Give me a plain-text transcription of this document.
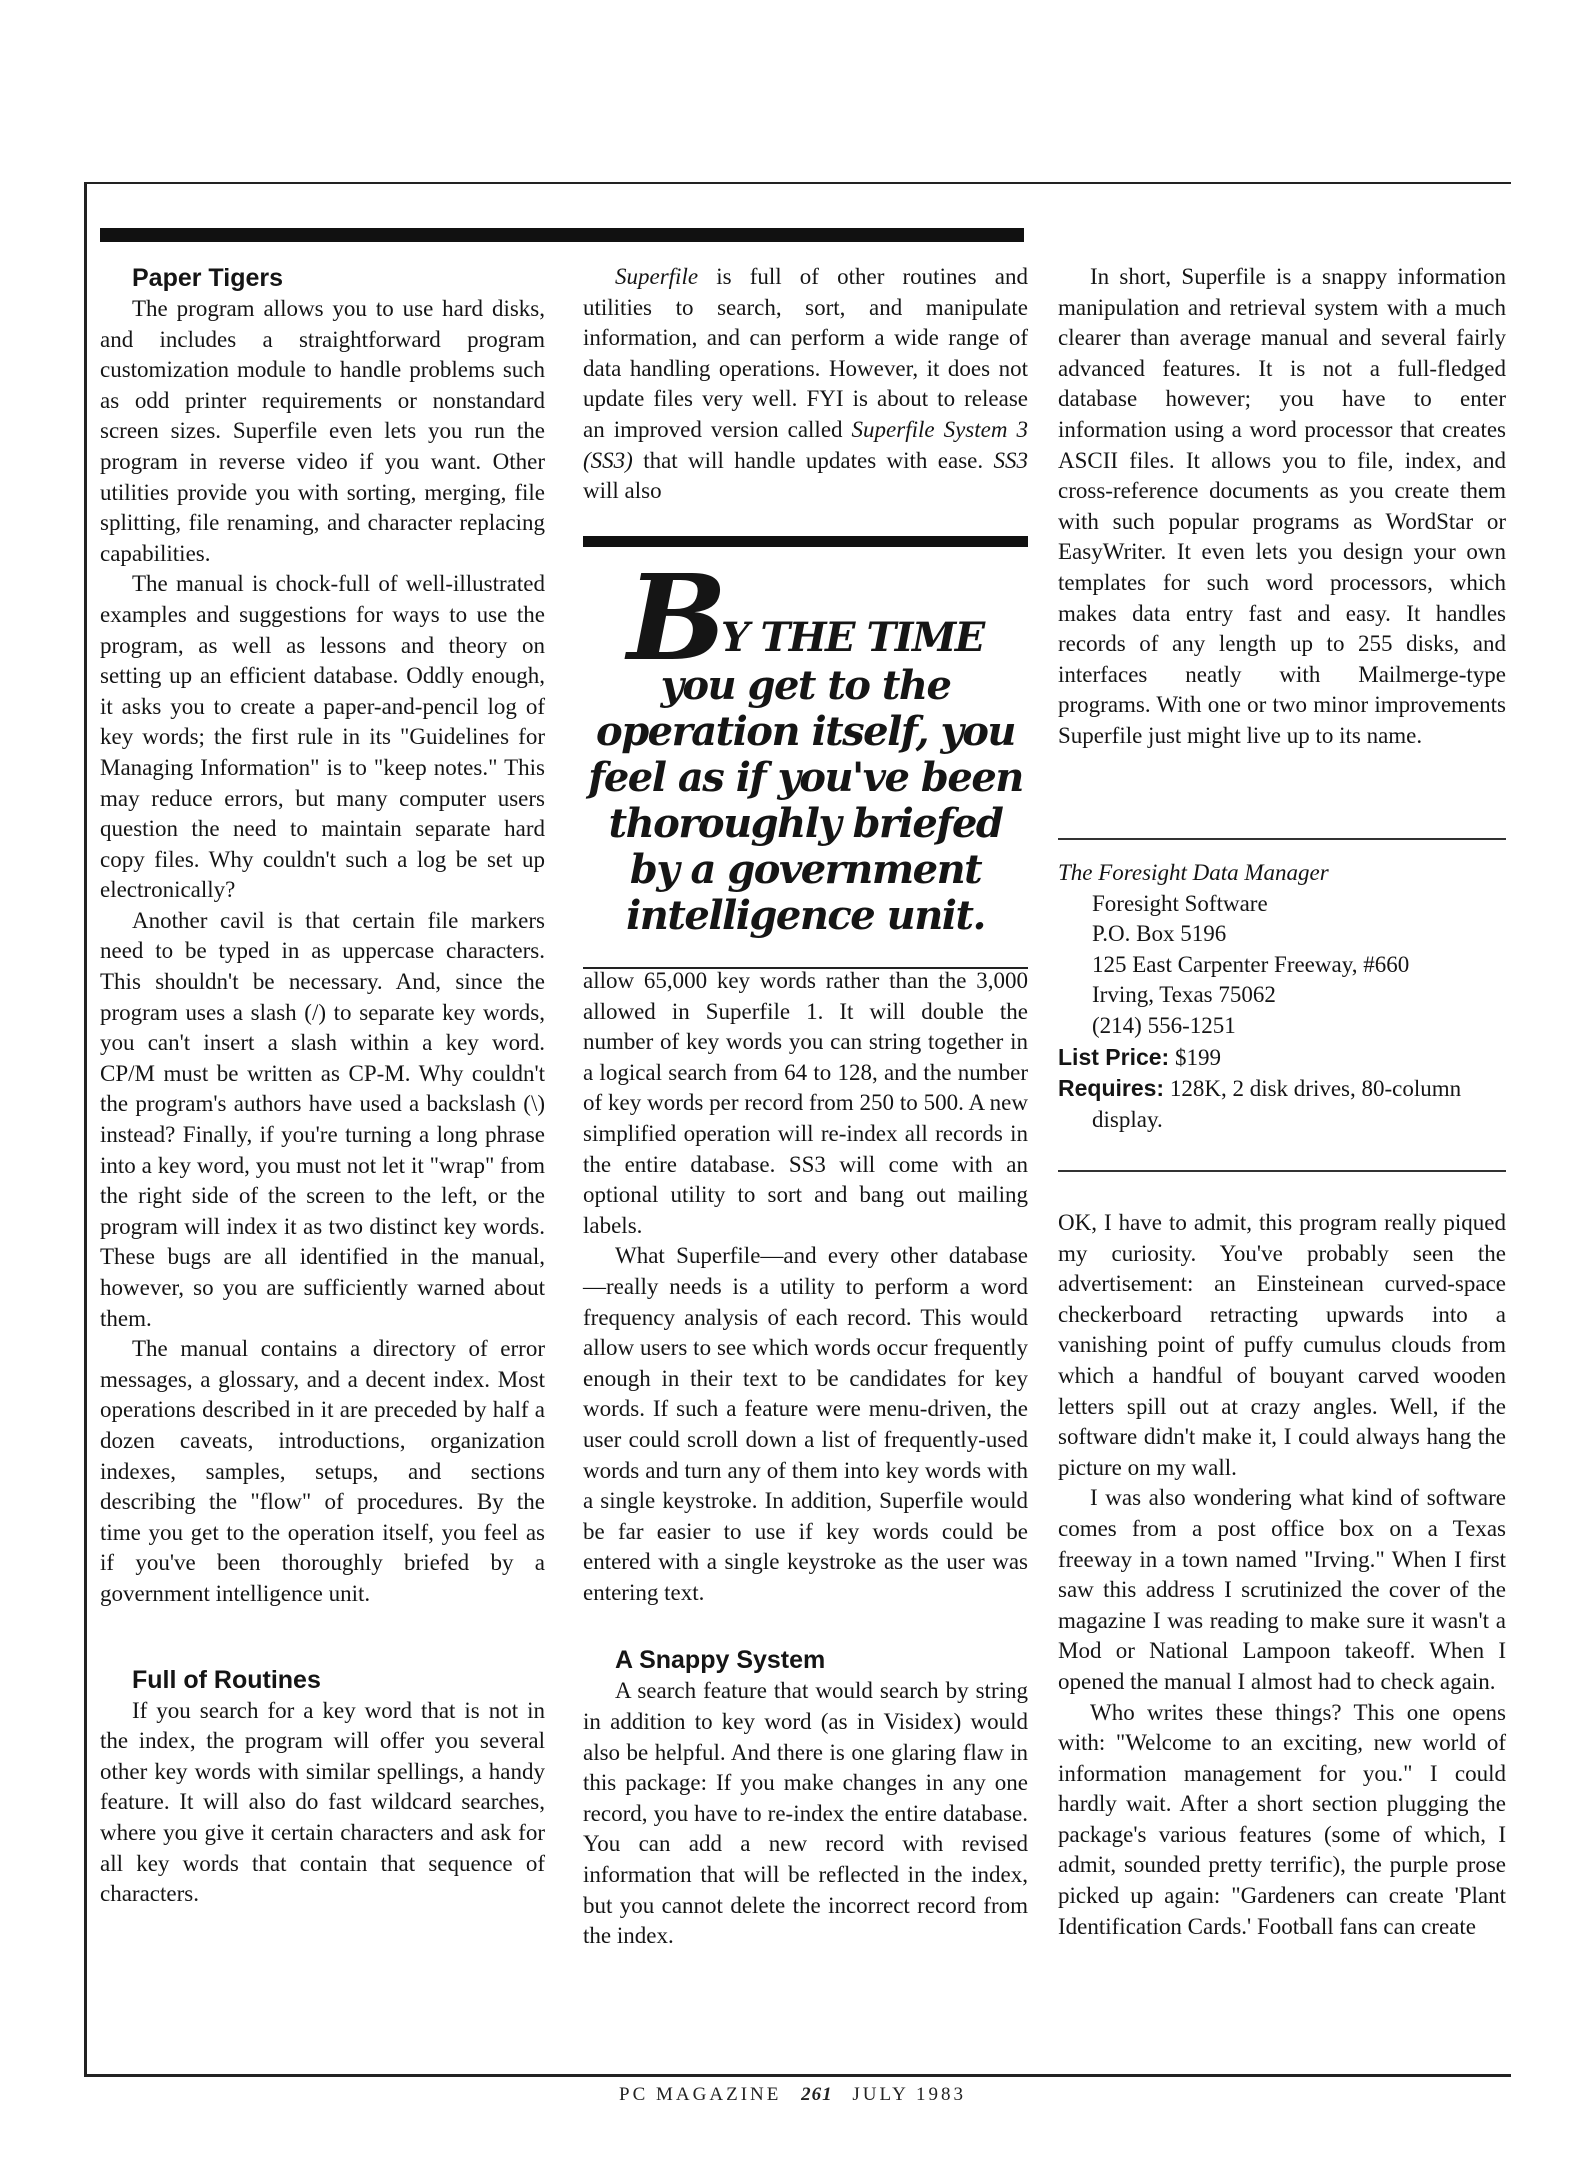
Paper Tigers

The program allows you to use hard disks, and includes a straightforward program customization module to handle problems such as odd printer requirements or nonstandard screen sizes. Superfile even lets you run the program in reverse video if you want. Other utilities provide you with sorting, merging, file splitting, file renaming, and character replacing capabilities.

The manual is chock-full of well-illustrated examples and suggestions for ways to use the program, as well as lessons and theory on setting up an efficient database. Oddly enough, it asks you to create a paper-and-pencil log of key words; the first rule in its "Guidelines for Managing Information" is to "keep notes." This may reduce errors, but many computer users question the need to maintain separate hard copy files. Why couldn't such a log be set up electronically?

Another cavil is that certain file markers need to be typed in as uppercase characters. This shouldn't be necessary. And, since the program uses a slash (/) to separate key words, you can't insert a slash within a key word. CP/M must be written as CP-M. Why couldn't the program's authors have used a backslash (\) instead? Finally, if you're turning a long phrase into a key word, you must not let it "wrap" from the right side of the screen to the left, or the program will index it as two distinct key words. These bugs are all identified in the manual, however, so you are sufficiently warned about them.

The manual contains a directory of error messages, a glossary, and a decent index. Most operations described in it are preceded by half a dozen caveats, introductions, organization indexes, samples, setups, and sections describing the "flow" of procedures. By the time you get to the operation itself, you feel as if you've been thoroughly briefed by a government intelligence unit.

Full of Routines

If you search for a key word that is not in the index, the program will offer you several other key words with similar spellings, a handy feature. It will also do fast wildcard searches, where you give it certain characters and ask for all key words that contain that sequence of characters.

Superfile is full of other routines and utilities to search, sort, and manipulate information, and can perform a wide range of data handling operations. However, it does not update files very well. FYI is about to release an improved version called Superfile System 3 (SS3) that will handle updates with ease. SS3 will also

BY THE TIME
you get to the operation itself, you feel as if you've been thoroughly briefed by a government intelligence unit.

allow 65,000 key words rather than the 3,000 allowed in Superfile 1. It will double the number of key words you can string together in a logical search from 64 to 128, and the number of key words per record from 250 to 500. A new simplified operation will re-index all records in the entire database. SS3 will come with an optional utility to sort and bang out mailing labels.

What Superfile—and every other database—really needs is a utility to perform a word frequency analysis of each record. This would allow users to see which words occur frequently enough in their text to be candidates for key words. If such a feature were menu-driven, the user could scroll down a list of frequently-used words and turn any of them into key words with a single keystroke. In addition, Superfile would be far easier to use if key words could be entered with a single keystroke as the user was entering text.

A Snappy System

A search feature that would search by string in addition to key word (as in Visidex) would also be helpful. And there is one glaring flaw in this package: If you make changes in any one record, you have to re-index the entire database. You can add a new record with revised information that will be reflected in the index, but you cannot delete the incorrect record from the index.

In short, Superfile is a snappy information manipulation and retrieval system with a much clearer than average manual and several fairly advanced features. It is not a full-fledged database however; you have to enter information using a word processor that creates ASCII files. It allows you to file, index, and cross-reference documents as you create them with such popular programs as WordStar or EasyWriter. It even lets you design your own templates for such word processors, which makes data entry fast and easy. It handles records of any length up to 255 disks, and interfaces neatly with Mailmerge-type programs. With one or two minor improvements Superfile just might live up to its name.

The Foresight Data Manager

Foresight Software

P.O. Box 5196

125 East Carpenter Freeway, #660

Irving, Texas 75062

(214) 556-1251

List Price: $199

Requires: 128K, 2 disk drives, 80-column display.

OK, I have to admit, this program really piqued my curiosity. You've probably seen the advertisement: an Einsteinean curved-space checkerboard retracting upwards into a vanishing point of puffy cumulus clouds from which a handful of bouyant carved wooden letters spill out at crazy angles. Well, if the software didn't make it, I could always hang the picture on my wall.

I was also wondering what kind of software comes from a post office box on a Texas freeway in a town named "Irving." When I first saw this address I scrutinized the cover of the magazine I was reading to make sure it wasn't a Mod or National Lampoon takeoff. When I opened the manual I almost had to check again.

Who writes these things? This one opens with: "Welcome to an exciting, new world of information management for you." I could hardly wait. After a short section plugging the package's various features (some of which, I admit, sounded pretty terrific), the purple prose picked up again: "Gardeners can create 'Plant Identification Cards.' Football fans can create

PC MAGAZINE 261 JULY 1983
